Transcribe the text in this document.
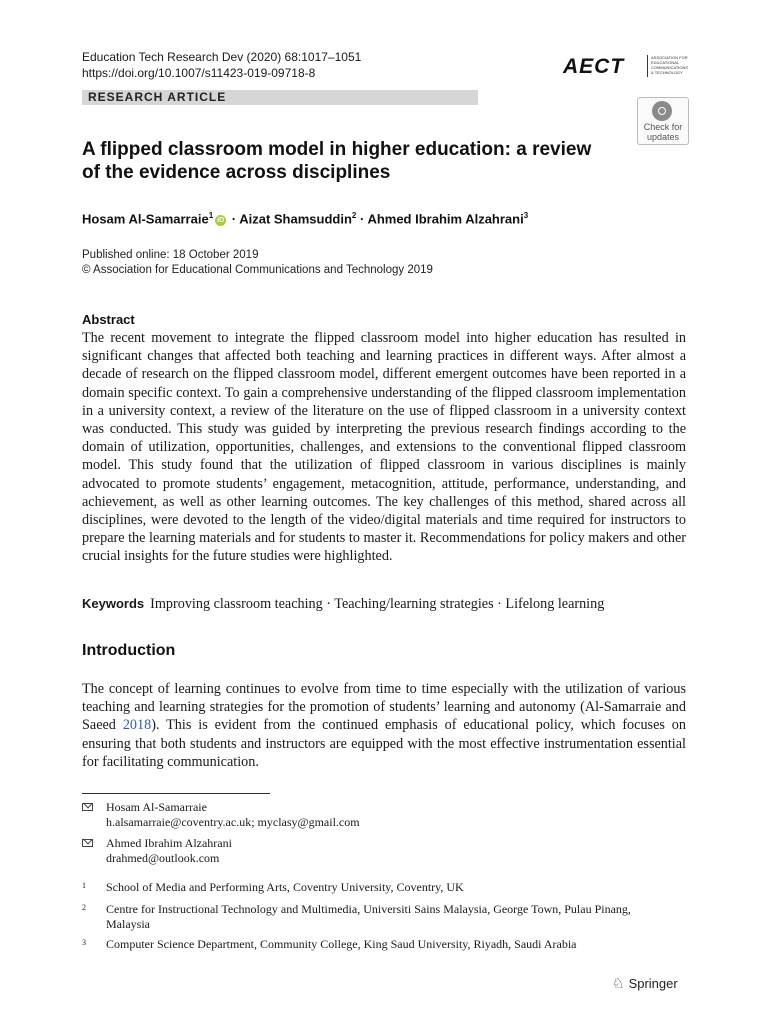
Education Tech Research Dev (2020) 68:1017–1051
https://doi.org/10.1007/s11423-019-09718-8	AECT	ASSOCIATION FOR EDUCATIONAL COMMUNICATIONS & TECHNOLOGY
RESEARCH ARTICLE
Check for
updates
A flipped classroom model in higher education: a review
of the evidence across disciplines
Hosam Al-Samarraie$^1$iD · Aizat Shamsuddin$^2$ · Ahmed Ibrahim Alzahrani$^3$
Published online: 18 October 2019
© Association for Educational Communications and Technology 2019
Abstract
The recent movement to integrate the flipped classroom model into higher education has resulted in significant changes that affected both teaching and learning practices in different ways. After almost a decade of research on the flipped classroom model, different emergent outcomes have been reported in a domain specific context. To gain a comprehensive understanding of the flipped classroom implementation in a university context, a review of the literature on the use of flipped classroom in a university context was conducted. This study was guided by interpreting the previous research findings according to the domain of utilization, opportunities, challenges, and extensions to the conventional flipped classroom model. This study found that the utilization of flipped classroom in various disciplines is mainly advocated to promote students’ engagement, metacognition, attitude, performance, understanding, and achievement, as well as other learning outcomes. The key challenges of this method, shared across all disciplines, were devoted to the length of the video/digital materials and time required for instructors to prepare the learning materials and for students to master it. Recommendations for policy makers and other crucial insights for the future studies were highlighted.
Keywords Improving classroom teaching · Teaching/learning strategies · Lifelong learning
Introduction
The concept of learning continues to evolve from time to time especially with the utilization of various teaching and learning strategies for the promotion of students’ learning and autonomy (Al-Samarraie and Saeed 2018). This is evident from the continued emphasis of educational policy, which focuses on ensuring that both students and instructors are equipped with the most effective instrumentation essential for facilitating communication.
Hosam Al-Samarraie
h.alsamarraie@coventry.ac.uk; myclasy@gmail.com
Ahmed Ibrahim Alzahrani
drahmed@outlook.com
1 School of Media and Performing Arts, Coventry University, Coventry, UK
2 Centre for Instructional Technology and Multimedia, Universiti Sains Malaysia, George Town, Pulau Pinang, Malaysia
3 Computer Science Department, Community College, King Saud University, Riyadh, Saudi Arabia
♘ Springer
